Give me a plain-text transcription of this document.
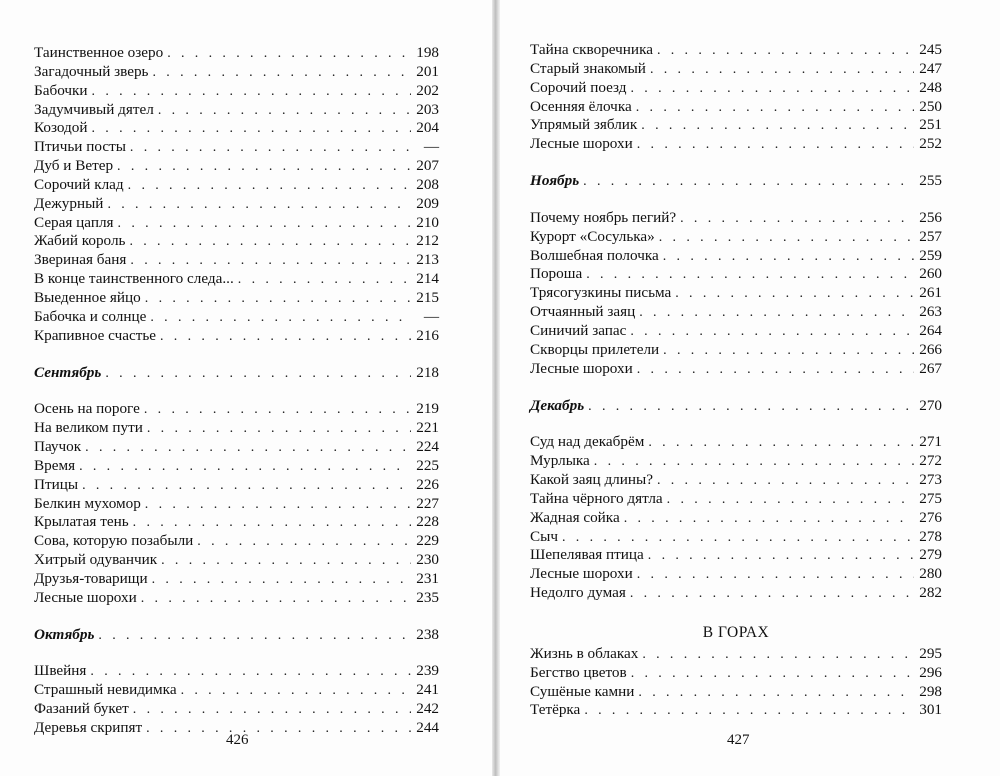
Таинственное озеро . . .	198
Загадочный зверь . . .	201
Бабочки . . .	202
Задумчивый дятел . . .	203
Козодой . . .	204
Птичьи посты . . .	—
Дуб и Ветер . . .	207
Сорочий клад . . .	208
Дежурный . . .	209
Серая цапля . . .	210
Жабий король . . .	212
Звериная баня . . .	213
В конце таинственного следа... . . .	214
Выеденное яйцо . . .	215
Бабочка и солнце . . .	—
Крапивное счастье . . .	216
Сентябрь . . .	218
Осень на пороге . . .	219
На великом пути . . .	221
Паучок . . .	224
Время . . .	225
Птицы . . .	226
Белкин мухомор . . .	227
Крылатая тень . . .	228
Сова, которую позабыли . . .	229
Хитрый одуванчик . . .	230
Друзья-товарищи . . .	231
Лесные шорохи . . .	235
Октябрь . . .	238
Швейня . . .	239
Страшный невидимка . . .	241
Фазаний букет . . .	242
Деревья скрипят . . .	244
426
Тайна скворечника . . .	245
Старый знакомый . . .	247
Сорочий поезд . . .	248
Осенняя ёлочка . . .	250
Упрямый зяблик . . .	251
Лесные шорохи . . .	252
Ноябрь . . .	255
Почему ноябрь пегий? . . .	256
Курорт «Сосулька» . . .	257
Волшебная полочка . . .	259
Пороша . . .	260
Трясогузкины письма . . .	261
Отчаянный заяц . . .	263
Синичий запас . . .	264
Скворцы прилетели . . .	266
Лесные шорохи . . .	267
Декабрь . . .	270
Суд над декабрём . . .	271
Мурлыка . . .	272
Какой заяц длины? . . .	273
Тайна чёрного дятла . . .	275
Жадная сойка . . .	276
Сыч . . .	278
Шепелявая птица . . .	279
Лесные шорохи . . .	280
Недолго думая . . .	282
В ГОРАХ
Жизнь в облаках . . .	295
Бегство цветов . . .	296
Сушёные камни . . .	298
Тетёрка . . .	301
427
